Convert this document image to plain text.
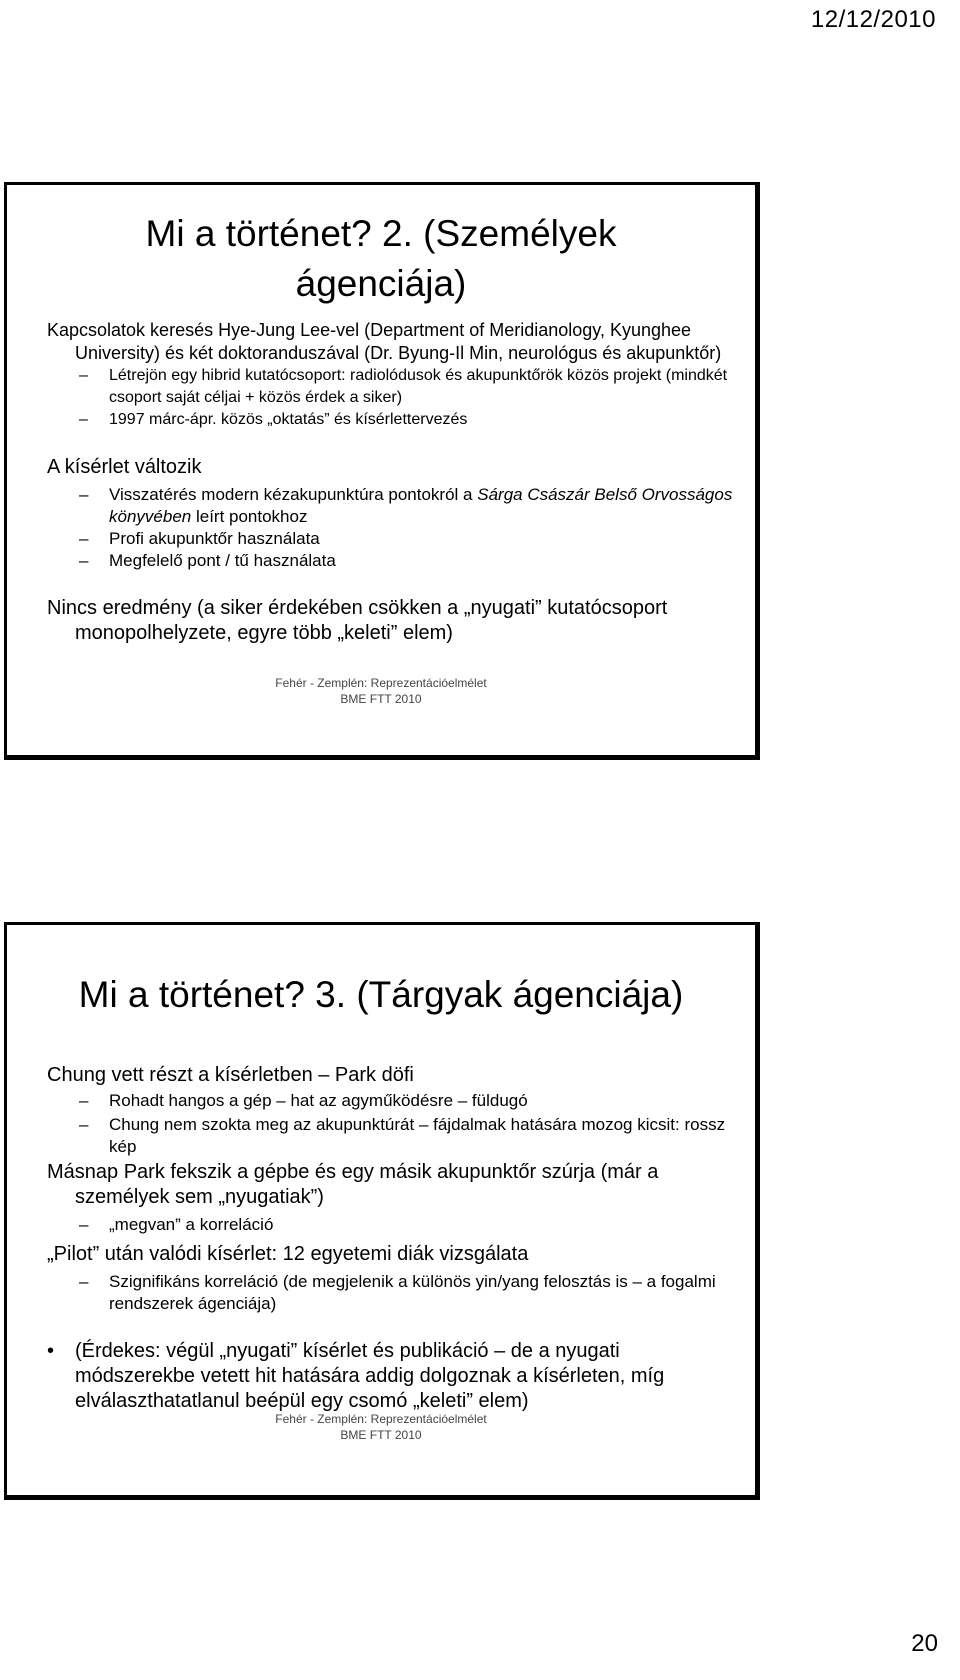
12/12/2010
Mi a történet? 2. (Személyek
ágenciája)

Kapcsolatok keresés Hye-Jung Lee-vel (Department of Meridianology, Kyunghee University) és két doktoranduszával (Dr. Byung-Il Min, neurológus és akupunktőr)

–	Létrejön egy hibrid kutatócsoport: radiolódusok és akupunktőrök közös projekt (mindkét csoport saját céljai + közös érdek a siker)

–	1997 márc-ápr. közös „oktatás” és kísérlettervezés

A kísérlet változik

–	Visszatérés modern kézakupunktúra pontokról a Sárga Császár Belső Orvosságos könyvében leírt pontokhoz

–	Profi akupunktőr használata

–	Megfelelő pont / tű használata

Nincs eredmény (a siker érdekében csökken a „nyugati” kutatócsoport monopolhelyzete, egyre több „keleti” elem)

Fehér - Zemplén: Reprezentációelmélet
BME FTT 2010
Mi a történet? 3. (Tárgyak ágenciája)

Chung vett részt a kísérletben – Park döfi

–	Rohadt hangos a gép – hat az agyműködésre – füldugó

–	Chung nem szokta meg az akupunktúrát – fájdalmak hatására mozog kicsit: rossz kép

Másnap Park fekszik a gépbe és egy másik akupunktőr szúrja (már a személyek sem „nyugatiak”)

–	„megvan” a korreláció

„Pilot” után valódi kísérlet: 12 egyetemi diák vizsgálata

–	Szignifikáns korreláció (de megjelenik a különös yin/yang felosztás is – a fogalmi rendszerek ágenciája)

• (Érdekes: végül „nyugati” kísérlet és publikáció – de a nyugati módszerekbe vetett hit hatására addig dolgoznak a kísérleten, míg elválaszthatatlanul beépül egy csomó „keleti” elem)

Fehér - Zemplén: Reprezentációelmélet
BME FTT 2010
20
